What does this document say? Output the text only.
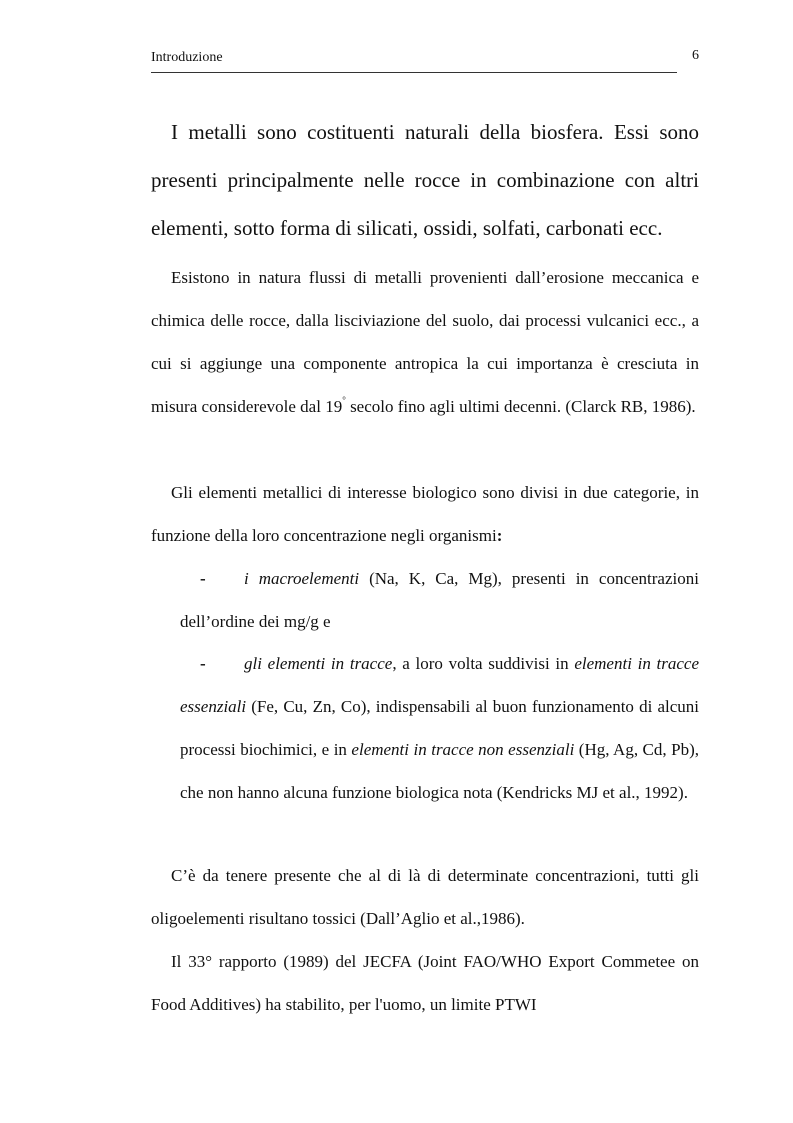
Introduzione	6
I metalli sono costituenti naturali della biosfera. Essi sono presenti principalmente nelle rocce in combinazione con altri elementi, sotto forma di silicati, ossidi, solfati, carbonati ecc.
Esistono in natura flussi di metalli provenienti dall’erosione meccanica e chimica delle rocce, dalla lisciviazione del suolo, dai processi vulcanici ecc., a cui si aggiunge una componente antropica la cui importanza è cresciuta in misura considerevole dal 19° secolo fino agli ultimi decenni. (Clarck RB, 1986).
Gli elementi metallici di interesse biologico sono divisi in due categorie, in funzione della loro concentrazione negli organismi:
- i macroelementi (Na, K, Ca, Mg), presenti in concentrazioni dell’ordine dei mg/g e
- gli elementi in tracce, a loro volta suddivisi in elementi in tracce essenziali (Fe, Cu, Zn, Co), indispensabili al buon funzionamento di alcuni processi biochimici, e in elementi in tracce non essenziali (Hg, Ag, Cd, Pb), che non hanno alcuna funzione biologica nota (Kendricks MJ et al., 1992).
C’è da tenere presente che al di là di determinate concentrazioni, tutti gli oligoelementi risultano tossici (Dall’Aglio et al.,1986).
Il 33° rapporto (1989) del JECFA (Joint FAO/WHO Export Commetee on Food Additives) ha stabilito, per l'uomo, un limite PTWI
